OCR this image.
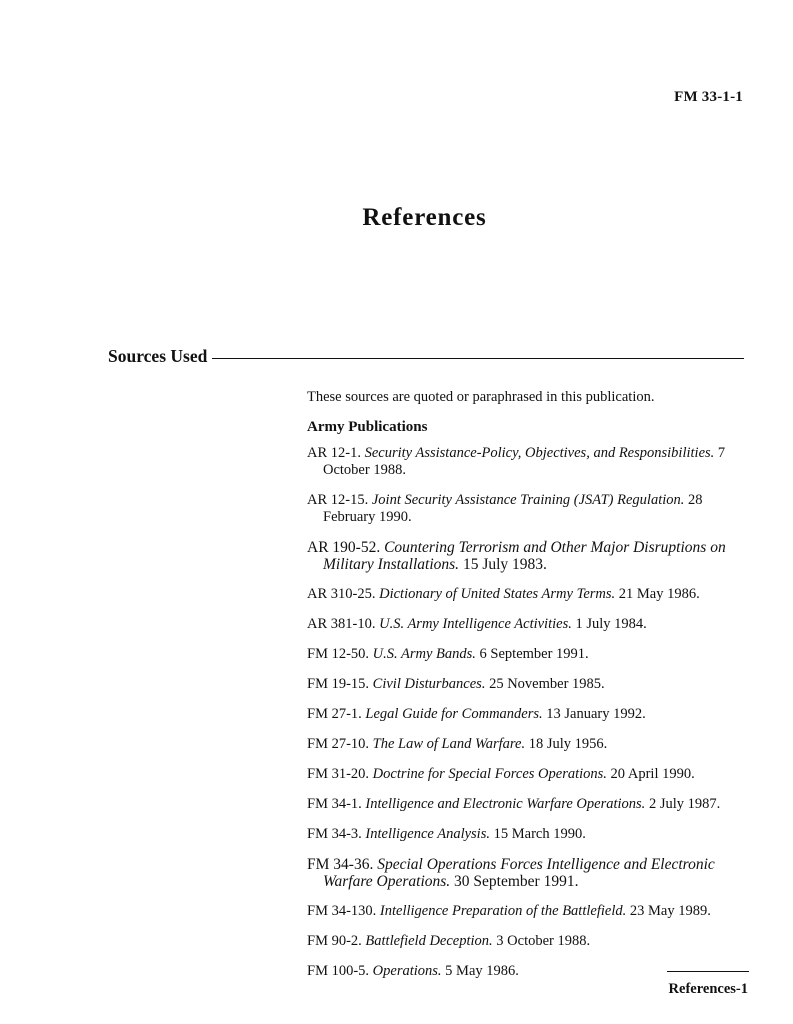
FM 33-1-1
References
Sources Used

These sources are quoted or paraphrased in this publication.

Army Publications
AR 12-1. Security Assistance-Policy, Objectives, and Responsibilities. 7 October 1988.
AR 12-15. Joint Security Assistance Training (JSAT) Regulation. 28 February 1990.
AR 190-52. Countering Terrorism and Other Major Disruptions on Military Installations. 15 July 1983.
AR 310-25. Dictionary of United States Army Terms. 21 May 1986.
AR 381-10. U.S. Army Intelligence Activities. 1 July 1984.
FM 12-50. U.S. Army Bands. 6 September 1991.
FM 19-15. Civil Disturbances. 25 November 1985.
FM 27-1. Legal Guide for Commanders. 13 January 1992.
FM 27-10. The Law of Land Warfare. 18 July 1956.
FM 31-20. Doctrine for Special Forces Operations. 20 April 1990.
FM 34-1. Intelligence and Electronic Warfare Operations. 2 July 1987.
FM 34-3. Intelligence Analysis. 15 March 1990.
FM 34-36. Special Operations Forces Intelligence and Electronic Warfare Operations. 30 September 1991.
FM 34-130. Intelligence Preparation of the Battlefield. 23 May 1989.
FM 90-2. Battlefield Deception. 3 October 1988.
FM 100-5. Operations. 5 May 1986.
References-1
